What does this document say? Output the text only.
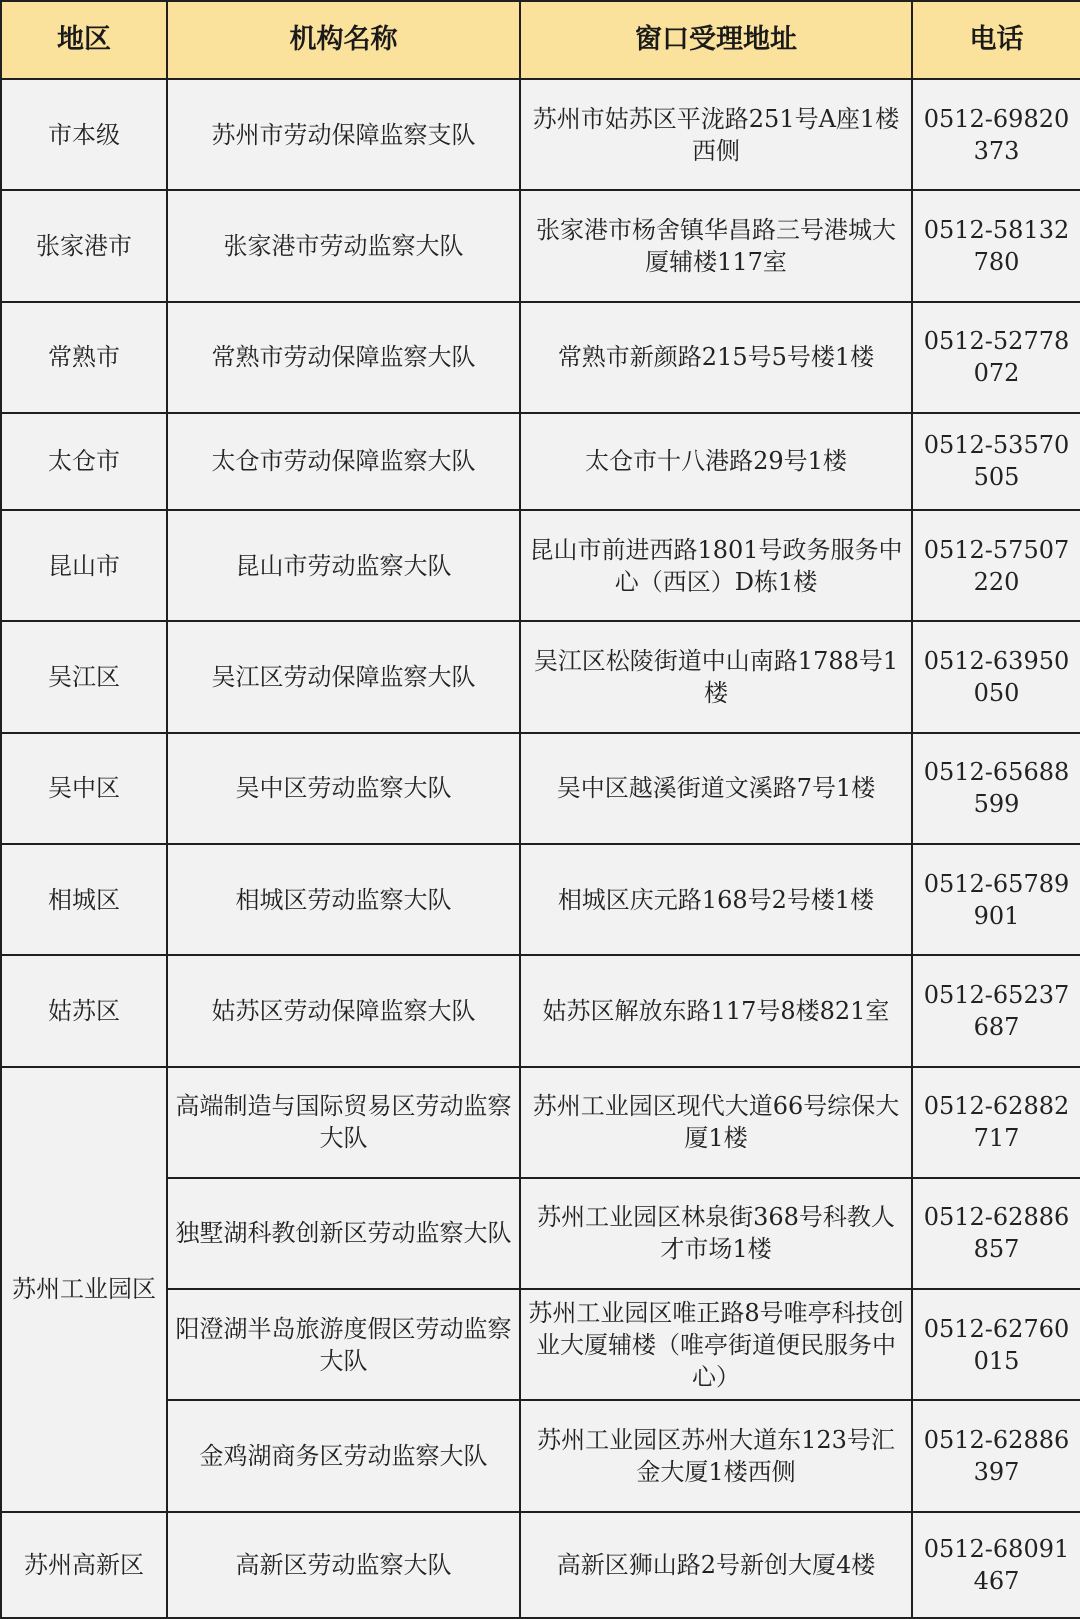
地区	机构名称	窗口受理地址	电话
市本级	苏州市劳动保障监察支队	苏州市姑苏区平泷路251号A座1楼西侧	0512-69820373
张家港市	张家港市劳动监察大队	张家港市杨舍镇华昌路三号港城大厦辅楼117室	0512-58132780
常熟市	常熟市劳动保障监察大队	常熟市新颜路215号5号楼1楼	0512-52778072
太仓市	太仓市劳动保障监察大队	太仓市十八港路29号1楼	0512-53570505
昆山市	昆山市劳动监察大队	昆山市前进西路1801号政务服务中心（西区）D栋1楼	0512-57507220
吴江区	吴江区劳动保障监察大队	吴江区松陵街道中山南路1788号1楼	0512-63950050
吴中区	吴中区劳动监察大队	吴中区越溪街道文溪路7号1楼	0512-65688599
相城区	相城区劳动监察大队	相城区庆元路168号2号楼1楼	0512-65789901
姑苏区	姑苏区劳动保障监察大队	姑苏区解放东路117号8楼821室	0512-65237687
苏州工业园区	高端制造与国际贸易区劳动监察大队	苏州工业园区现代大道66号综保大厦1楼	0512-62882717
	独墅湖科教创新区劳动监察大队	苏州工业园区林泉街368号科教人才市场1楼	0512-62886857
	阳澄湖半岛旅游度假区劳动监察大队	苏州工业园区唯正路8号唯亭科技创业大厦辅楼（唯亭街道便民服务中心）	0512-62760015
	金鸡湖商务区劳动监察大队	苏州工业园区苏州大道东123号汇金大厦1楼西侧	0512-62886397
苏州高新区	高新区劳动监察大队	高新区狮山路2号新创大厦4楼	0512-68091467
